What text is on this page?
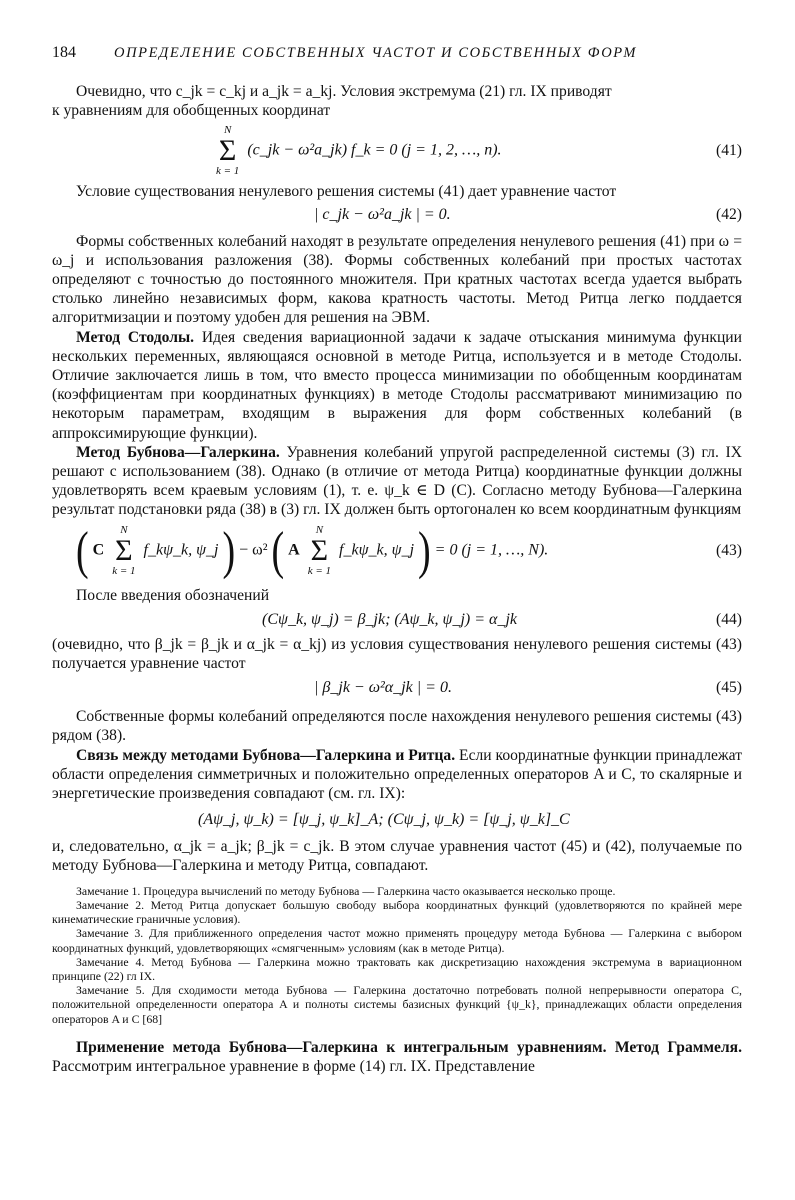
184	ОПРЕДЕЛЕНИЕ СОБСТВЕННЫХ ЧАСТОТ И СОБСТВЕННЫХ ФОРМ

Очевидно, что c_jk = c_kj и a_jk = a_kj. Условия экстремума (21) гл. IX приводят

к уравнениям для обобщенных координат

N
Σ
k = 1
(c_jk − ω²a_jk) f_k = 0 (j = 1, 2, …, n).	(41)

Условие существования ненулевого решения системы (41) дает уравнение частот

| c_jk − ω²a_jk | = 0.	(42)

Формы собственных колебаний находят в результате определения ненулевого решения (41) при ω = ω_j и использования разложения (38). Формы собственных колебаний при простых частотах определяют с точностью до постоянного множителя. При кратных частотах всегда удается выбрать столько линейно независимых форм, какова кратность частоты. Метод Ритца легко поддается алгоритмизации и поэтому удобен для решения на ЭВМ.

Метод Стодолы. Идея сведения вариационной задачи к задаче отыскания минимума функции нескольких переменных, являющаяся основной в методе Ритца, используется и в методе Стодолы. Отличие заключается лишь в том, что вместо процесса минимизации по обобщенным координатам (коэффициентам при координатных функциях) в методе Стодолы рассматривают минимизацию по некоторым параметрам, входящим в выражения для форм собственных колебаний (в аппроксимирующие функции).

Метод Бубнова—Галеркина. Уравнения колебаний упругой распределенной системы (3) гл. IX решают с использованием (38). Однако (в отличие от метода Ритца) координатные функции должны удовлетворять всем краевым условиям (1), т. е. ψ_k ∈ D (C). Согласно методу Бубнова—Галеркина результат подстановки ряда (38) в (3) гл. IX должен быть ортогонален ко всем координатным функциям

( C
N
Σ
k = 1
f_kψ_k, ψ_j ) − ω² ( A
N
Σ
k = 1
f_kψ_k, ψ_j ) = 0 (j = 1, …, N).	(43)

После введения обозначений

(Cψ_k, ψ_j) = β_jk; (Aψ_k, ψ_j) = α_jk	(44)

(очевидно, что β_jk = β_jk и α_jk = α_kj) из условия существования ненулевого решения системы (43) получается уравнение частот

| β_jk − ω²α_jk | = 0.	(45)

Собственные формы колебаний определяются после нахождения ненулевого решения системы (43) рядом (38).

Связь между методами Бубнова—Галеркина и Ритца. Если координатные функции принадлежат области определения симметричных и положительно определенных операторов A и C, то скалярные и энергетические произведения совпадают (см. гл. IX):

(Aψ_j, ψ_k) = [ψ_j, ψ_k]_A; (Cψ_j, ψ_k) = [ψ_j, ψ_k]_C

и, следовательно, α_jk = a_jk; β_jk = c_jk. В этом случае уравнения частот (45) и (42), получаемые по методу Бубнова—Галеркина и методу Ритца, совпадают.

Замечание 1. Процедура вычислений по методу Бубнова — Галеркина часто оказывается несколько проще.

Замечание 2. Метод Ритца допускает большую свободу выбора координатных функций (удовлетворяются по крайней мере кинематические граничные условия).

Замечание 3. Для приближенного определения частот можно применять процедуру метода Бубнова — Галеркина с выбором координатных функций, удовлетворяющих «смягченным» условиям (как в методе Ритца).

Замечание 4. Метод Бубнова — Галеркина можно трактовать как дискретизацию нахождения экстремума в вариационном принципе (22) гл IX.

Замечание 5. Для сходимости метода Бубнова — Галеркина достаточно потребовать полной непрерывности оператора C, положительной определенности оператора A и полноты системы базисных функций {ψ_k}, принадлежащих области определения операторов A и C [68]

Применение метода Бубнова—Галеркина к интегральным уравнениям. Метод Граммеля. Рассмотрим интегральное уравнение в форме (14) гл. IX. Представление
